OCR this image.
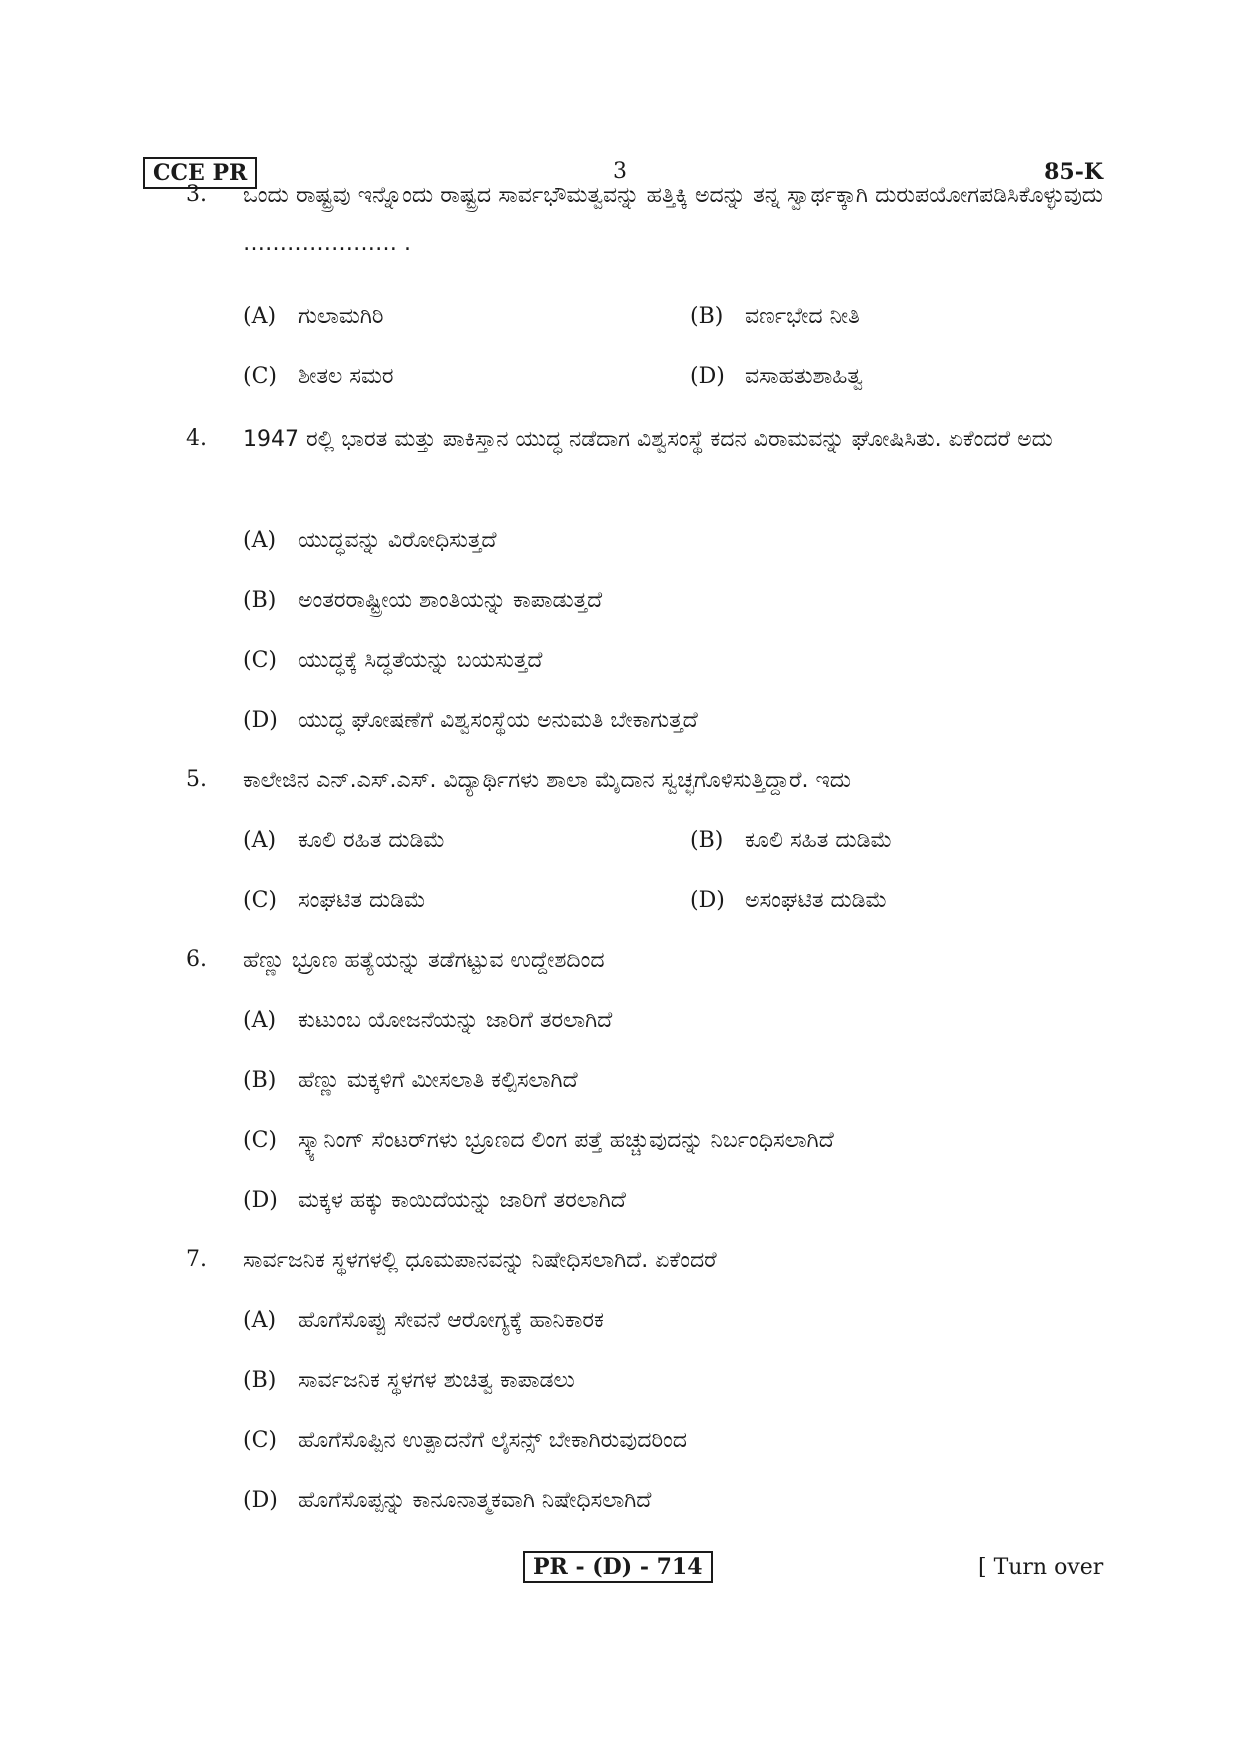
CCE PR	3	85-K
3. ಒಂದು ರಾಷ್ಟ್ರವು ಇನ್ನೊಂದು ರಾಷ್ಟ್ರದ ಸಾರ್ವಭೌಮತ್ವವನ್ನು ಹತ್ತಿಕ್ಕಿ ಅದನ್ನು ತನ್ನ ಸ್ವಾರ್ಥಕ್ಕಾಗಿ ದುರುಪಯೋಗಪಡಿಸಿಕೊಳ್ಳುವುದು ………………… .
(A) ಗುಲಾಮಗಿರಿ	(B) ವರ್ಣಭೇದ ನೀತಿ
(C) ಶೀತಲ ಸಮರ	(D) ವಸಾಹತುಶಾಹಿತ್ವ
4. 1947 ರಲ್ಲಿ ಭಾರತ ಮತ್ತು ಪಾಕಿಸ್ತಾನ ಯುದ್ಧ ನಡೆದಾಗ ವಿಶ್ವಸಂಸ್ಥೆ ಕದನ ವಿರಾಮವನ್ನು ಘೋಷಿಸಿತು. ಏಕೆಂದರೆ ಅದು
(A) ಯುದ್ಧವನ್ನು ವಿರೋಧಿಸುತ್ತದೆ
(B) ಅಂತರರಾಷ್ಟ್ರೀಯ ಶಾಂತಿಯನ್ನು ಕಾಪಾಡುತ್ತದೆ
(C) ಯುದ್ಧಕ್ಕೆ ಸಿದ್ಧತೆಯನ್ನು ಬಯಸುತ್ತದೆ
(D) ಯುದ್ಧ ಘೋಷಣೆಗೆ ವಿಶ್ವಸಂಸ್ಥೆಯ ಅನುಮತಿ ಬೇಕಾಗುತ್ತದೆ
5. ಕಾಲೇಜಿನ ಎನ್.ಎಸ್.ಎಸ್. ವಿದ್ಯಾರ್ಥಿಗಳು ಶಾಲಾ ಮೈದಾನ ಸ್ವಚ್ಛಗೊಳಿಸುತ್ತಿದ್ದಾರೆ. ಇದು
(A) ಕೂಲಿ ರಹಿತ ದುಡಿಮೆ	(B) ಕೂಲಿ ಸಹಿತ ದುಡಿಮೆ
(C) ಸಂಘಟಿತ ದುಡಿಮೆ	(D) ಅಸಂಘಟಿತ ದುಡಿಮೆ
6. ಹೆಣ್ಣು ಭ್ರೂಣ ಹತ್ಯೆಯನ್ನು ತಡೆಗಟ್ಟುವ ಉದ್ದೇಶದಿಂದ
(A) ಕುಟುಂಬ ಯೋಜನೆಯನ್ನು ಜಾರಿಗೆ ತರಲಾಗಿದೆ
(B) ಹೆಣ್ಣು ಮಕ್ಕಳಿಗೆ ಮೀಸಲಾತಿ ಕಲ್ಪಿಸಲಾಗಿದೆ
(C) ಸ್ಕ್ಯಾನಿಂಗ್ ಸೆಂಟರ್‌ಗಳು ಭ್ರೂಣದ ಲಿಂಗ ಪತ್ತೆ ಹಚ್ಚುವುದನ್ನು ನಿರ್ಬಂಧಿಸಲಾಗಿದೆ
(D) ಮಕ್ಕಳ ಹಕ್ಕು ಕಾಯಿದೆಯನ್ನು ಜಾರಿಗೆ ತರಲಾಗಿದೆ
7. ಸಾರ್ವಜನಿಕ ಸ್ಥಳಗಳಲ್ಲಿ ಧೂಮಪಾನವನ್ನು ನಿಷೇಧಿಸಲಾಗಿದೆ. ಏಕೆಂದರೆ
(A) ಹೊಗೆಸೊಪ್ಪು ಸೇವನೆ ಆರೋಗ್ಯಕ್ಕೆ ಹಾನಿಕಾರಕ
(B) ಸಾರ್ವಜನಿಕ ಸ್ಥಳಗಳ ಶುಚಿತ್ವ ಕಾಪಾಡಲು
(C) ಹೊಗೆಸೊಪ್ಪಿನ ಉತ್ಪಾದನೆಗೆ ಲೈಸನ್ಸ್ ಬೇಕಾಗಿರುವುದರಿಂದ
(D) ಹೊಗೆಸೊಪ್ಪನ್ನು ಕಾನೂನಾತ್ಮಕವಾಗಿ ನಿಷೇಧಿಸಲಾಗಿದೆ
PR - (D) - 714	[ Turn over
